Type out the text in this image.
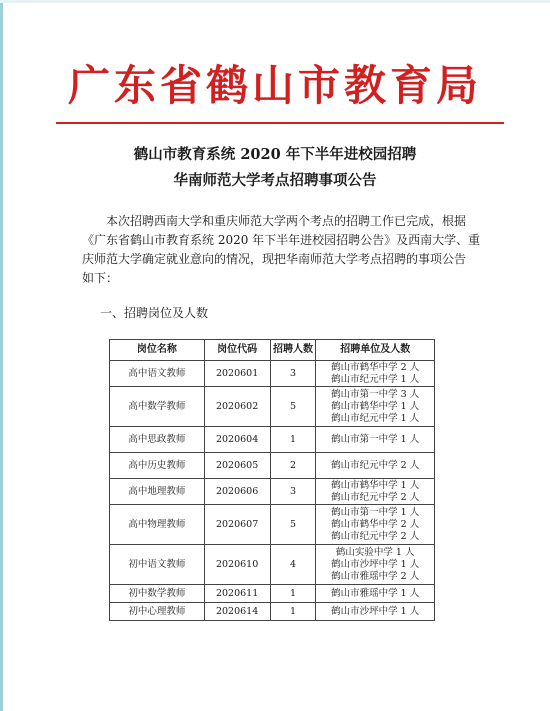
广东省鹤山市教育局
鹤山市教育系统 2020 年下半年进校园招聘
华南师范大学考点招聘事项公告
本次招聘西南大学和重庆师范大学两个考点的招聘工作已完成，根据
《广东省鹤山市教育系统 2020 年下半年进校园招聘公告》及西南大学、重
庆师范大学确定就业意向的情况，现把华南师范大学考点招聘的事项公告
如下：
一、招聘岗位及人数
岗位名称	岗位代码	招聘人数	招聘单位及人数
高中语文教师	2020601	3	鹤山市鹤华中学 2 人
鹤山市纪元中学 1 人

高中数学教师	2020602	5	鹤山市第一中学 3 人
鹤山市鹤华中学 1 人
鹤山市纪元中学 1 人

高中思政教师	2020604	1	鹤山市第一中学 1 人

高中历史教师	2020605	2	鹤山市纪元中学 2 人

高中地理教师	2020606	3	鹤山市鹤华中学 1 人
鹤山市纪元中学 2 人

高中物理教师	2020607	5	鹤山市第一中学 1 人
鹤山市鹤华中学 2 人
鹤山市纪元中学 2 人

初中语文教师	2020610	4	鹤山实验中学 1 人
鹤山市沙坪中学 1 人
鹤山市雅瑶中学 2 人

初中数学教师	2020611	1	鹤山市雅瑶中学 1 人

初中心理教师	2020614	1	鹤山市沙坪中学 1 人
